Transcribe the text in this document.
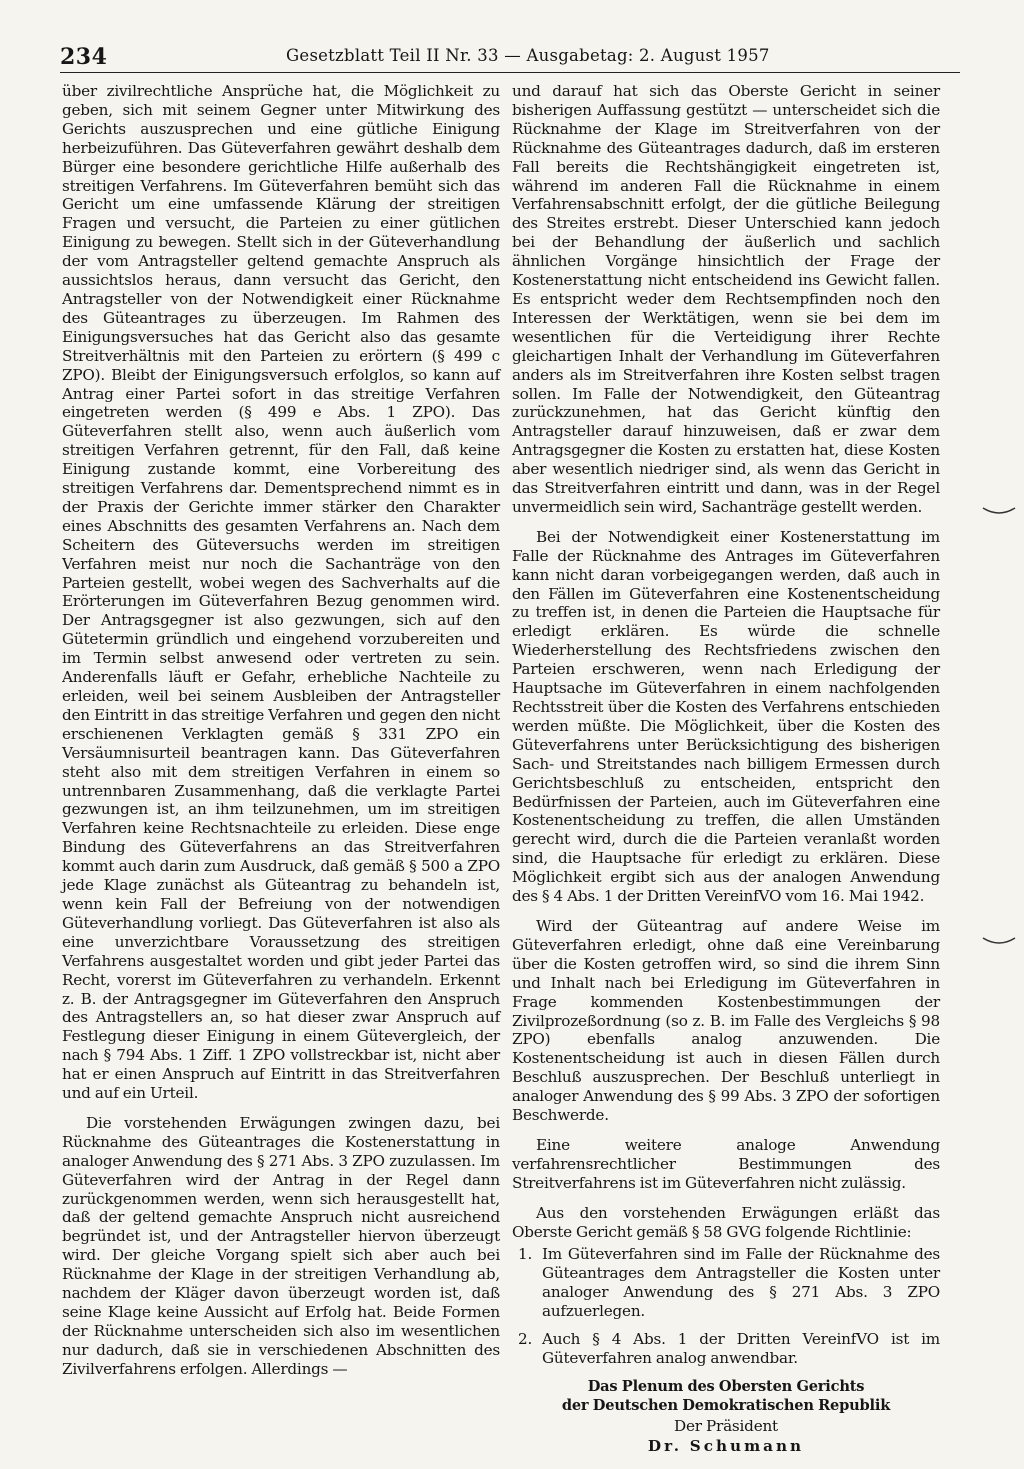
234	Gesetzblatt Teil II Nr. 33 — Ausgabetag: 2. August 1957

über zivilrechtliche Ansprüche hat, die Möglichkeit zu geben, sich mit seinem Gegner unter Mitwirkung des Gerichts auszusprechen und eine gütliche Einigung herbeizuführen. Das Güteverfahren gewährt deshalb dem Bürger eine besondere gerichtliche Hilfe außerhalb des streitigen Verfahrens. Im Güteverfahren bemüht sich das Gericht um eine umfassende Klärung der streitigen Fragen und versucht, die Parteien zu einer gütlichen Einigung zu bewegen. Stellt sich in der Güteverhandlung der vom Antragsteller geltend gemachte Anspruch als aussichtslos heraus, dann versucht das Gericht, den Antragsteller von der Notwendigkeit einer Rücknahme des Güteantrages zu überzeugen. Im Rahmen des Einigungsversuches hat das Gericht also das gesamte Streitverhältnis mit den Parteien zu erörtern (§ 499 c ZPO). Bleibt der Einigungsversuch erfolglos, so kann auf Antrag einer Partei sofort in das streitige Verfahren eingetreten werden (§ 499 e Abs. 1 ZPO). Das Güteverfahren stellt also, wenn auch äußerlich vom streitigen Verfahren getrennt, für den Fall, daß keine Einigung zustande kommt, eine Vorbereitung des streitigen Verfahrens dar. Dementsprechend nimmt es in der Praxis der Gerichte immer stärker den Charakter eines Abschnitts des gesamten Verfahrens an. Nach dem Scheitern des Güteversuchs werden im streitigen Verfahren meist nur noch die Sachanträge von den Parteien gestellt, wobei wegen des Sachverhalts auf die Erörterungen im Güteverfahren Bezug genommen wird. Der Antragsgegner ist also gezwungen, sich auf den Gütetermin gründlich und eingehend vorzubereiten und im Termin selbst anwesend oder vertreten zu sein. Anderenfalls läuft er Gefahr, erhebliche Nachteile zu erleiden, weil bei seinem Ausbleiben der Antragsteller den Eintritt in das streitige Verfahren und gegen den nicht erschienenen Verklagten gemäß § 331 ZPO ein Versäumnisurteil beantragen kann. Das Güteverfahren steht also mit dem streitigen Verfahren in einem so untrennbaren Zusammenhang, daß die verklagte Partei gezwungen ist, an ihm teilzunehmen, um im streitigen Verfahren keine Rechtsnachteile zu erleiden. Diese enge Bindung des Güteverfahrens an das Streitverfahren kommt auch darin zum Ausdruck, daß gemäß § 500 a ZPO jede Klage zunächst als Güteantrag zu behandeln ist, wenn kein Fall der Befreiung von der notwendigen Güteverhandlung vorliegt. Das Güteverfahren ist also als eine unverzichtbare Voraussetzung des streitigen Verfahrens ausgestaltet worden und gibt jeder Partei das Recht, vorerst im Güteverfahren zu verhandeln. Erkennt z. B. der Antragsgegner im Güteverfahren den Anspruch des Antragstellers an, so hat dieser zwar Anspruch auf Festlegung dieser Einigung in einem Gütevergleich, der nach § 794 Abs. 1 Ziff. 1 ZPO vollstreckbar ist, nicht aber hat er einen Anspruch auf Eintritt in das Streitverfahren und auf ein Urteil.

Die vorstehenden Erwägungen zwingen dazu, bei Rücknahme des Güteantrages die Kostenerstattung in analoger Anwendung des § 271 Abs. 3 ZPO zuzulassen. Im Güteverfahren wird der Antrag in der Regel dann zurückgenommen werden, wenn sich herausgestellt hat, daß der geltend gemachte Anspruch nicht ausreichend begründet ist, und der Antragsteller hiervon überzeugt wird. Der gleiche Vorgang spielt sich aber auch bei Rücknahme der Klage in der streitigen Verhandlung ab, nachdem der Kläger davon überzeugt worden ist, daß seine Klage keine Aussicht auf Erfolg hat. Beide Formen der Rücknahme unterscheiden sich also im wesentlichen nur dadurch, daß sie in verschiedenen Abschnitten des Zivilverfahrens erfolgen. Allerdings —

und darauf hat sich das Oberste Gericht in seiner bisherigen Auffassung gestützt — unterscheidet sich die Rücknahme der Klage im Streitverfahren von der Rücknahme des Güteantrages dadurch, daß im ersteren Fall bereits die Rechtshängigkeit eingetreten ist, während im anderen Fall die Rücknahme in einem Verfahrensabschnitt erfolgt, der die gütliche Beilegung des Streites erstrebt. Dieser Unterschied kann jedoch bei der Behandlung der äußerlich und sachlich ähnlichen Vorgänge hinsichtlich der Frage der Kostenerstattung nicht entscheidend ins Gewicht fallen. Es entspricht weder dem Rechtsempfinden noch den Interessen der Werktätigen, wenn sie bei dem im wesentlichen für die Verteidigung ihrer Rechte gleichartigen Inhalt der Verhandlung im Güteverfahren anders als im Streitverfahren ihre Kosten selbst tragen sollen. Im Falle der Notwendigkeit, den Güteantrag zurückzunehmen, hat das Gericht künftig den Antragsteller darauf hinzuweisen, daß er zwar dem Antragsgegner die Kosten zu erstatten hat, diese Kosten aber wesentlich niedriger sind, als wenn das Gericht in das Streitverfahren eintritt und dann, was in der Regel unvermeidlich sein wird, Sachanträge gestellt werden.

Bei der Notwendigkeit einer Kostenerstattung im Falle der Rücknahme des Antrages im Güteverfahren kann nicht daran vorbeigegangen werden, daß auch in den Fällen im Güteverfahren eine Kostenentscheidung zu treffen ist, in denen die Parteien die Hauptsache für erledigt erklären. Es würde die schnelle Wiederherstellung des Rechtsfriedens zwischen den Parteien erschweren, wenn nach Erledigung der Hauptsache im Güteverfahren in einem nachfolgenden Rechtsstreit über die Kosten des Verfahrens entschieden werden müßte. Die Möglichkeit, über die Kosten des Güteverfahrens unter Berücksichtigung des bisherigen Sach- und Streitstandes nach billigem Ermessen durch Gerichtsbeschluß zu entscheiden, entspricht den Bedürfnissen der Parteien, auch im Güteverfahren eine Kostenentscheidung zu treffen, die allen Umständen gerecht wird, durch die die Parteien veranlaßt worden sind, die Hauptsache für erledigt zu erklären. Diese Möglichkeit ergibt sich aus der analogen Anwendung des § 4 Abs. 1 der Dritten VereinfVO vom 16. Mai 1942.

Wird der Güteantrag auf andere Weise im Güteverfahren erledigt, ohne daß eine Vereinbarung über die Kosten getroffen wird, so sind die ihrem Sinn und Inhalt nach bei Erledigung im Güteverfahren in Frage kommenden Kostenbestimmungen der Zivilprozeßordnung (so z. B. im Falle des Vergleichs § 98 ZPO) ebenfalls analog anzuwenden. Die Kostenentscheidung ist auch in diesen Fällen durch Beschluß auszusprechen. Der Beschluß unterliegt in analoger Anwendung des § 99 Abs. 3 ZPO der sofortigen Beschwerde.

Eine weitere analoge Anwendung verfahrensrechtlicher Bestimmungen des Streitverfahrens ist im Güteverfahren nicht zulässig.

Aus den vorstehenden Erwägungen erläßt das Oberste Gericht gemäß § 58 GVG folgende Richtlinie:

1. Im Güteverfahren sind im Falle der Rücknahme des Güteantrages dem Antragsteller die Kosten unter analoger Anwendung des § 271 Abs. 3 ZPO aufzuerlegen.
2. Auch § 4 Abs. 1 der Dritten VereinfVO ist im Güteverfahren analog anwendbar.
Das Plenum des Obersten Gerichts
der Deutschen Demokratischen Republik
Der Präsident
Dr. Schumann
